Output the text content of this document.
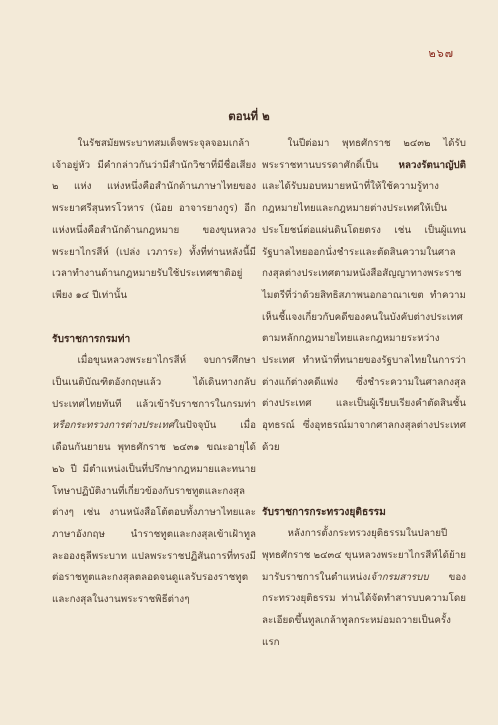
๒๖๗
ตอนที่ ๒

ในรัชสมัยพระบาทสมเด็จพระจุลจอมเกล้าเจ้าอยู่หัว มีคำกล่าวกันว่ามีสำนักวิชาที่มีชื่อเสียง ๒ แห่ง แห่งหนึ่งคือสำนักด้านภาษาไทยของพระยาศรีสุนทรโวหาร (น้อย อาจารยางกูร) อีกแห่งหนึ่งคือสำนักด้านกฎหมาย ของขุนหลวงพระยาไกรสีห์ (เปล่ง เวภาระ) ทั้งที่ท่านหลังนี้มีเวลาทำงานด้านกฎหมายรับใช้ประเทศชาติอยู่เพียง ๑๔ ปีเท่านั้น

รับราชการกรมท่า

เมื่อขุนหลวงพระยาไกรสีห์ จบการศึกษาเป็นเนติบัณฑิตอังกฤษแล้ว ได้เดินทางกลับประเทศไทยทันที แล้วเข้ารับราชการในกรมท่า หรือกระทรวงการต่างประเทศในปัจจุบัน เมื่อเดือนกันยายน พุทธศักราช ๒๔๓๑ ขณะอายุได้ ๒๖ ปี มีตำแหน่งเป็นที่ปรึกษากฎหมายและทนายโทษาปฏิบัติงานที่เกี่ยวข้องกับราชทูตและกงสุลต่างๆ เช่น งานหนังสือโต้ตอบทั้งภาษาไทยและภาษาอังกฤษ นำราชทูตและกงสุลเข้าเฝ้าทูลละอองธุลีพระบาท แปลพระราชปฏิสันถารที่ทรงมีต่อราชทูตและกงสุลตลอดจนดูแลรับรองราชทูตและกงสุลในงานพระราชพิธีต่างๆ

ในปีต่อมา พุทธศักราช ๒๔๓๒ ได้รับพระราชทานบรรดาศักดิ์เป็น หลวงรัตนาญัปติ และได้รับมอบหมายหน้าที่ให้ใช้ความรู้ทางกฎหมายไทยและกฎหมายต่างประเทศให้เป็นประโยชน์ต่อแผ่นดินโดยตรง เช่น เป็นผู้แทนรัฐบาลไทยออกนั่งชำระและตัดสินความในศาลกงสุลต่างประเทศตามหนังสือสัญญาทางพระราชไมตรีที่ว่าด้วยสิทธิสภาพนอกอาณาเขต ทำความเห็นชี้แจงเกี่ยวกับคดีของคนในบังคับต่างประเทศตามหลักกฎหมายไทยและกฎหมายระหว่างประเทศ ทำหน้าที่ทนายของรัฐบาลไทยในการว่าต่างแก้ต่างคดีแพ่ง ซึ่งชำระความในศาลกงสุลต่างประเทศ และเป็นผู้เรียบเรียงคำตัดสินชั้นอุทธรณ์ ซึ่งอุทธรณ์มาจากศาลกงสุลต่างประเทศด้วย

รับราชการกระทรวงยุติธรรม

หลังการตั้งกระทรวงยุติธรรมในปลายปีพุทธศักราช ๒๔๓๔ ขุนหลวงพระยาไกรสีห์ได้ย้ายมารับราชการในตำแหน่งเจ้ากรมสารบบ ของกระทรวงยุติธรรม ท่านได้จัดทำสารบบความโดยละเอียดขึ้นทูลเกล้าทูลกระหม่อมถวายเป็นครั้งแรก
